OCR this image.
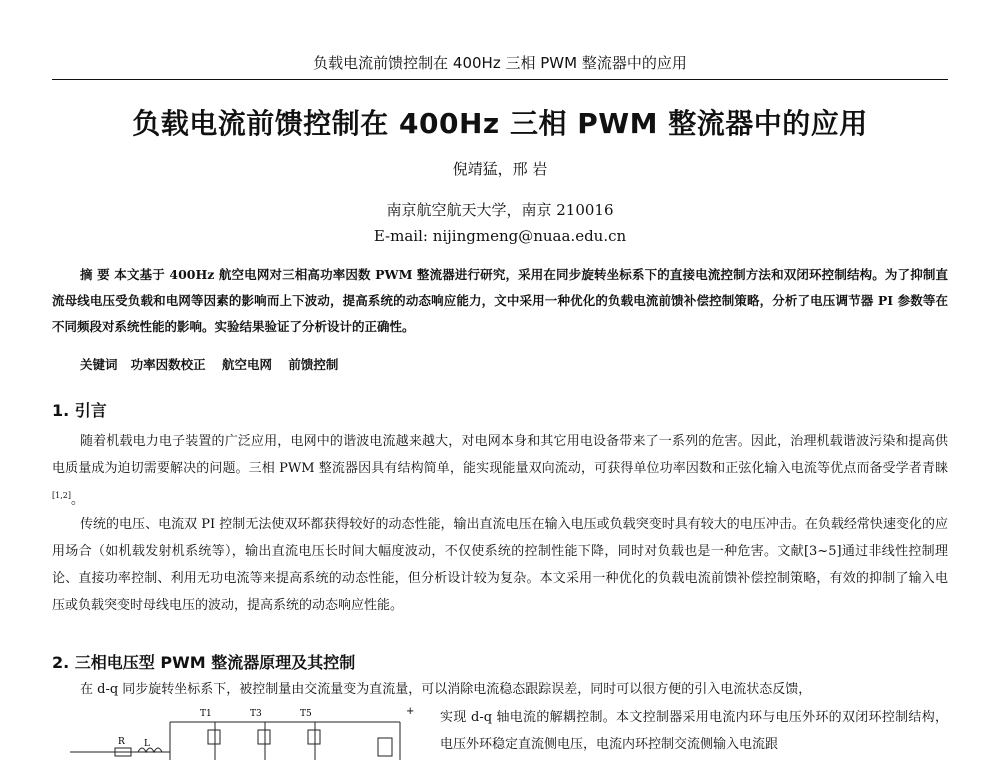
负载电流前馈控制在 400Hz 三相 PWM 整流器中的应用
负载电流前馈控制在 400Hz 三相 PWM 整流器中的应用
倪靖猛，邢 岩
南京航空航天大学，南京 210016
E-mail: nijingmeng@nuaa.edu.cn
摘 要 本文基于 400Hz 航空电网对三相高功率因数 PWM 整流器进行研究，采用在同步旋转坐标系下的直接电流控制方法和双闭环控制结构。为了抑制直流母线电压受负载和电网等因素的影响而上下波动，提高系统的动态响应能力，文中采用一种优化的负载电流前馈补偿控制策略，分析了电压调节器 PI 参数等在不同频段对系统性能的影响。实验结果验证了分析设计的正确性。
关键词 功率因数校正 航空电网 前馈控制
1. 引言
随着机载电力电子装置的广泛应用，电网中的谐波电流越来越大，对电网本身和其它用电设备带来了一系列的危害。因此，治理机载谐波污染和提高供电质量成为迫切需要解决的问题。三相 PWM 整流器因具有结构简单，能实现能量双向流动，可获得单位功率因数和正弦化输入电流等优点而备受学者青睐[1,2]。
传统的电压、电流双 PI 控制无法使双环都获得较好的动态性能，输出直流电压在输入电压或负载突变时具有较大的电压冲击。在负载经常快速变化的应用场合（如机载发射机系统等），输出直流电压长时间大幅度波动，不仅使系统的控制性能下降，同时对负载也是一种危害。文献[3~5]通过非线性控制理论、直接功率控制、利用无功电流等来提高系统的动态性能，但分析设计较为复杂。本文采用一种优化的负载电流前馈补偿控制策略，有效的抑制了输入电压或负载突变时母线电压的波动，提高系统的动态响应性能。
2. 三相电压型 PWM 整流器原理及其控制
在 d-q 同步旋转坐标系下，被控制量由交流量变为直流量，可以消除电流稳态跟踪误差，同时可以很方便的引入电流状态反馈，
T1	T3	T5
L
R
+ 实现 d-q 轴电流的解耦控制。本文控制器采用电流内环与电压外环的双闭环控制结构，电压外环稳定直流侧电压，电流内环控制交流侧输入电流跟
